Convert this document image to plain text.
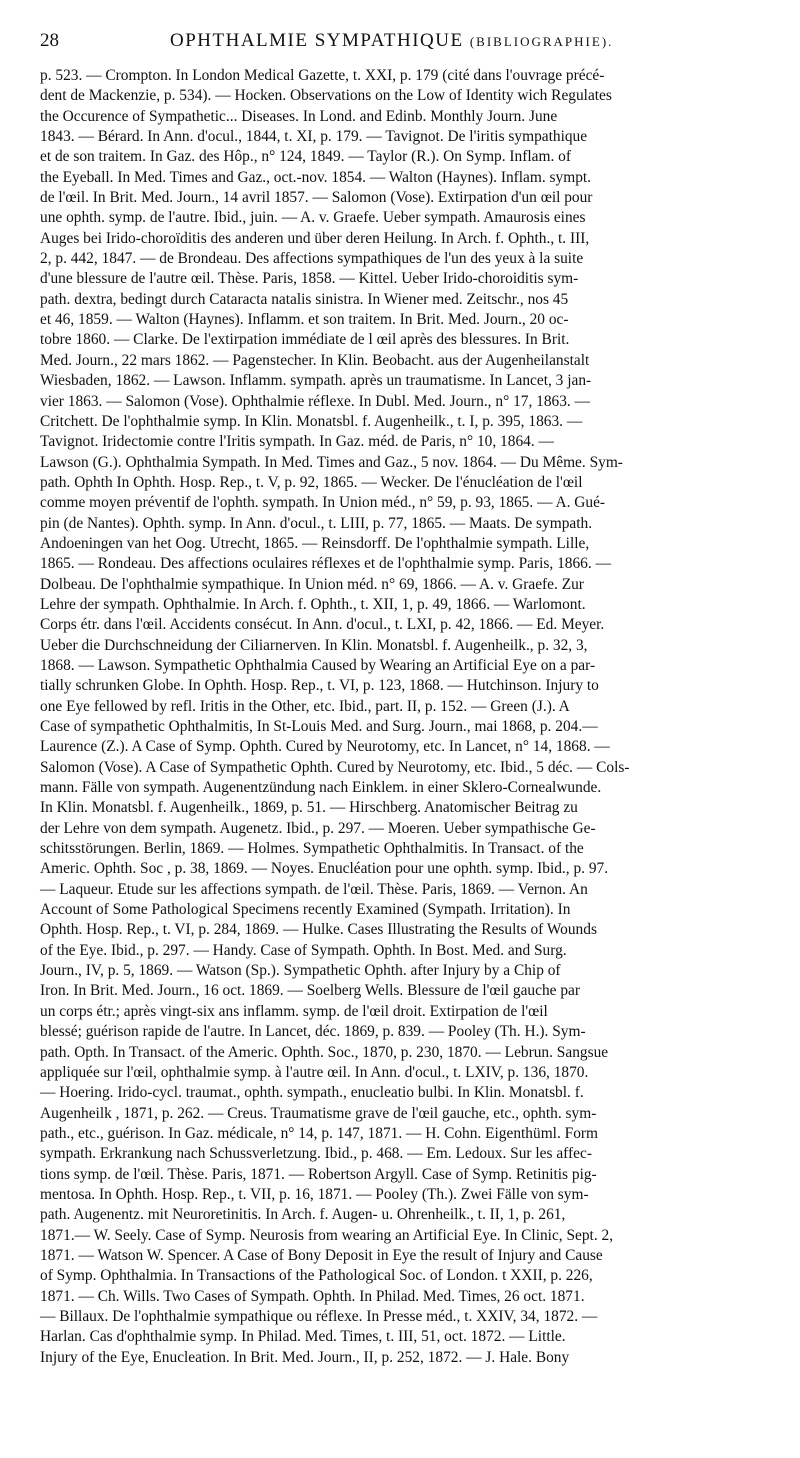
28	OPHTHALMIE SYMPATHIQUE (BIBLIOGRAPHIE).

p. 523. — Crompton. In London Medical Gazette, t. XXI, p. 179 (cité dans l'ouvrage précé-

dent de Mackenzie, p. 534). — Hocken. Observations on the Low of Identity wich Regulates

the Occurence of Sympathetic... Diseases. In Lond. and Edinb. Monthly Journ. June

1843. — Bérard. In Ann. d'ocul., 1844, t. XI, p. 179. — Tavignot. De l'iritis sympathique

et de son traitem. In Gaz. des Hôp., n° 124, 1849. — Taylor (R.). On Symp. Inflam. of

the Eyeball. In Med. Times and Gaz., oct.-nov. 1854. — Walton (Haynes). Inflam. sympt.

de l'œil. In Brit. Med. Journ., 14 avril 1857. — Salomon (Vose). Extirpation d'un œil pour

une ophth. symp. de l'autre. Ibid., juin. — A. v. Graefe. Ueber sympath. Amaurosis eines

Auges bei Irido-choroïditis des anderen und über deren Heilung. In Arch. f. Ophth., t. III,

2, p. 442, 1847. — de Brondeau. Des affections sympathiques de l'un des yeux à la suite

d'une blessure de l'autre œil. Thèse. Paris, 1858. — Kittel. Ueber Irido-choroiditis sym-

path. dextra, bedingt durch Cataracta natalis sinistra. In Wiener med. Zeitschr., nos 45

et 46, 1859. — Walton (Haynes). Inflamm. et son traitem. In Brit. Med. Journ., 20 oc-

tobre 1860. — Clarke. De l'extirpation immédiate de l œil après des blessures. In Brit.

Med. Journ., 22 mars 1862. — Pagenstecher. In Klin. Beobacht. aus der Augenheilanstalt

Wiesbaden, 1862. — Lawson. Inflamm. sympath. après un traumatisme. In Lancet, 3 jan-

vier 1863. — Salomon (Vose). Ophthalmie réflexe. In Dubl. Med. Journ., n° 17, 1863. —

Critchett. De l'ophthalmie symp. In Klin. Monatsbl. f. Augenheilk., t. I, p. 395, 1863. —

Tavignot. Iridectomie contre l'Iritis sympath. In Gaz. méd. de Paris, n° 10, 1864. —

Lawson (G.). Ophthalmia Sympath. In Med. Times and Gaz., 5 nov. 1864. — Du Même. Sym-

path. Ophth In Ophth. Hosp. Rep., t. V, p. 92, 1865. — Wecker. De l'énucléation de l'œil

comme moyen préventif de l'ophth. sympath. In Union méd., n° 59, p. 93, 1865. — A. Gué-

pin (de Nantes). Ophth. symp. In Ann. d'ocul., t. LIII, p. 77, 1865. — Maats. De sympath.

Andoeningen van het Oog. Utrecht, 1865. — Reinsdorff. De l'ophthalmie sympath. Lille,

1865. — Rondeau. Des affections oculaires réflexes et de l'ophthalmie symp. Paris, 1866. —

Dolbeau. De l'ophthalmie sympathique. In Union méd. n° 69, 1866. — A. v. Graefe. Zur

Lehre der sympath. Ophthalmie. In Arch. f. Ophth., t. XII, 1, p. 49, 1866. — Warlomont.

Corps étr. dans l'œil. Accidents consécut. In Ann. d'ocul., t. LXI, p. 42, 1866. — Ed. Meyer.

Ueber die Durchschneidung der Ciliarnerven. In Klin. Monatsbl. f. Augenheilk., p. 32, 3,

1868. — Lawson. Sympathetic Ophthalmia Caused by Wearing an Artificial Eye on a par-

tially schrunken Globe. In Ophth. Hosp. Rep., t. VI, p. 123, 1868. — Hutchinson. Injury to

one Eye fellowed by refl. Iritis in the Other, etc. Ibid., part. II, p. 152. — Green (J.). A

Case of sympathetic Ophthalmitis, In St-Louis Med. and Surg. Journ., mai 1868, p. 204.—

Laurence (Z.). A Case of Symp. Ophth. Cured by Neurotomy, etc. In Lancet, n° 14, 1868. —

Salomon (Vose). A Case of Sympathetic Ophth. Cured by Neurotomy, etc. Ibid., 5 déc. — Cols-

mann. Fälle von sympath. Augenentzündung nach Einklem. in einer Sklero-Cornealwunde.

In Klin. Monatsbl. f. Augenheilk., 1869, p. 51. — Hirschberg. Anatomischer Beitrag zu

der Lehre von dem sympath. Augenetz. Ibid., p. 297. — Moeren. Ueber sympathische Ge-

schitsstörungen. Berlin, 1869. — Holmes. Sympathetic Ophthalmitis. In Transact. of the

Americ. Ophth. Soc , p. 38, 1869. — Noyes. Enucléation pour une ophth. symp. Ibid., p. 97.

— Laqueur. Etude sur les affections sympath. de l'œil. Thèse. Paris, 1869. — Vernon. An

Account of Some Pathological Specimens recently Examined (Sympath. Irritation). In

Ophth. Hosp. Rep., t. VI, p. 284, 1869. — Hulke. Cases Illustrating the Results of Wounds

of the Eye. Ibid., p. 297. — Handy. Case of Sympath. Ophth. In Bost. Med. and Surg.

Journ., IV, p. 5, 1869. — Watson (Sp.). Sympathetic Ophth. after Injury by a Chip of

Iron. In Brit. Med. Journ., 16 oct. 1869. — Soelberg Wells. Blessure de l'œil gauche par

un corps étr.; après vingt-six ans inflamm. symp. de l'œil droit. Extirpation de l'œil

blessé; guérison rapide de l'autre. In Lancet, déc. 1869, p. 839. — Pooley (Th. H.). Sym-

path. Opth. In Transact. of the Americ. Ophth. Soc., 1870, p. 230, 1870. — Lebrun. Sangsue

appliquée sur l'œil, ophthalmie symp. à l'autre œil. In Ann. d'ocul., t. LXIV, p. 136, 1870.

— Hoering. Irido-cycl. traumat., ophth. sympath., enucleatio bulbi. In Klin. Monatsbl. f.

Augenheilk , 1871, p. 262. — Creus. Traumatisme grave de l'œil gauche, etc., ophth. sym-

path., etc., guérison. In Gaz. médicale, n° 14, p. 147, 1871. — H. Cohn. Eigenthüml. Form

sympath. Erkrankung nach Schussverletzung. Ibid., p. 468. — Em. Ledoux. Sur les affec-

tions symp. de l'œil. Thèse. Paris, 1871. — Robertson Argyll. Case of Symp. Retinitis pig-

mentosa. In Ophth. Hosp. Rep., t. VII, p. 16, 1871. — Pooley (Th.). Zwei Fälle von sym-

path. Augenentz. mit Neuroretinitis. In Arch. f. Augen- u. Ohrenheilk., t. II, 1, p. 261,

1871.— W. Seely. Case of Symp. Neurosis from wearing an Artificial Eye. In Clinic, Sept. 2,

1871. — Watson W. Spencer. A Case of Bony Deposit in Eye the result of Injury and Cause

of Symp. Ophthalmia. In Transactions of the Pathological Soc. of London. t XXII, p. 226,

1871. — Ch. Wills. Two Cases of Sympath. Ophth. In Philad. Med. Times, 26 oct. 1871.

— Billaux. De l'ophthalmie sympathique ou réflexe. In Presse méd., t. XXIV, 34, 1872. —

Harlan. Cas d'ophthalmie symp. In Philad. Med. Times, t. III, 51, oct. 1872. — Little.

Injury of the Eye, Enucleation. In Brit. Med. Journ., II, p. 252, 1872. — J. Hale. Bony
